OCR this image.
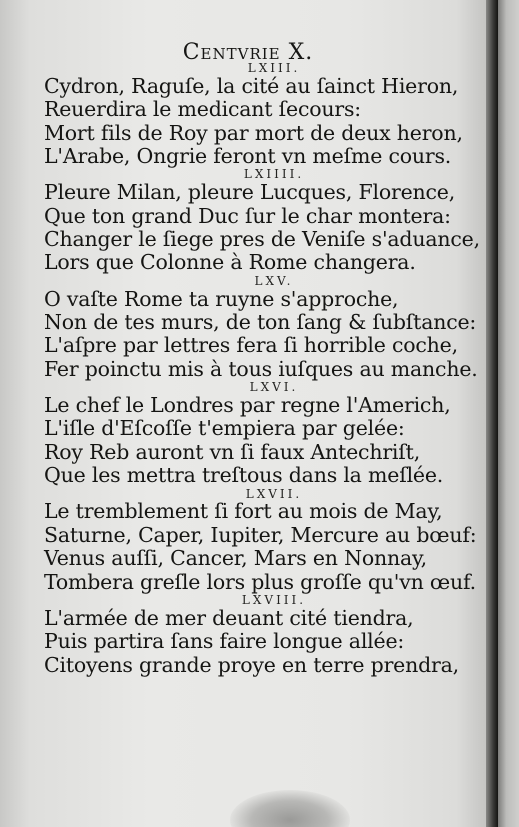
Centvrie X.
LXIII.
Cydron, Raguſe, la cité au ſainct Hieron,
Reuerdira le medicant ſecours:
Mort fils de Roy par mort de deux heron,
L'Arabe, Ongrie feront vn meſme cours.
LXIIII.
Pleure Milan, pleure Lucques, Florence,
Que ton grand Duc ſur le char montera:
Changer le ſiege pres de Veniſe s'aduance,
Lors que Colonne à Rome changera.
LXV.
O vaſte Rome ta ruyne s'approche,
Non de tes murs, de ton ſang & ſubſtance:
L'aſpre par lettres fera ſi horrible coche,
Fer poinctu mis à tous iuſques au manche.
LXVI.
Le chef le Londres par regne l'Americh,
L'iſle d'Eſcoſſe t'empiera par gelée:
Roy Reb auront vn ſi faux Antechriſt,
Que les mettra treſtous dans la meſlée.
LXVII.
Le tremblement ſi fort au mois de May,
Saturne, Caper, Iupiter, Mercure au bœuf:
Venus auſſi, Cancer, Mars en Nonnay,
Tombera greſle lors plus groſſe qu'vn œuf.
LXVIII.
L'armée de mer deuant cité tiendra,
Puis partira ſans faire longue allée:
Citoyens grande proye en terre prendra,
